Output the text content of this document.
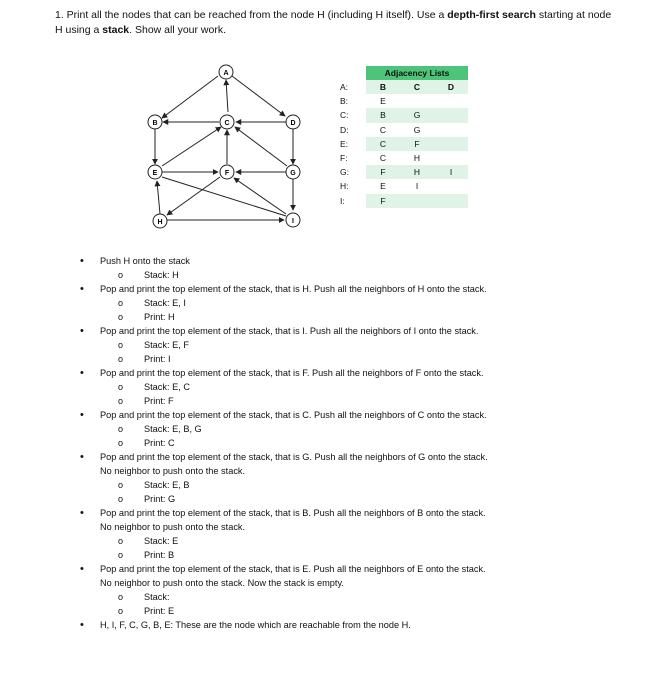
1. Print all the nodes that can be reached from the node H (including H itself). Use a depth-first search starting at node H using a stack. Show all your work.
A
B	C	D
E	F	G
H	I
	Adjacency Lists		
A:	B	C	D
B:	E		
C:	B	G	
D:	C	G	
E:	C	F	
F:	C	H	
G:	F	H	I
H:	E	I	
I:	F		
• Push H onto the stack
o Stack: H
• Pop and print the top element of the stack, that is H. Push all the neighbors of H onto the stack.
o Stack: E, I
o Print: H
• Pop and print the top element of the stack, that is I. Push all the neighbors of I onto the stack.
o Stack: E, F
o Print: I
• Pop and print the top element of the stack, that is F. Push all the neighbors of F onto the stack.
o Stack: E, C
o Print: F
• Pop and print the top element of the stack, that is C. Push all the neighbors of C onto the stack.
o Stack: E, B, G
o Print: C
• Pop and print the top element of the stack, that is G. Push all the neighbors of G onto the stack.
No neighbor to push onto the stack.
o Stack: E, B
o Print: G
• Pop and print the top element of the stack, that is B. Push all the neighbors of B onto the stack.
No neighbor to push onto the stack.
o Stack: E
o Print: B
• Pop and print the top element of the stack, that is E. Push all the neighbors of E onto the stack.
No neighbor to push onto the stack. Now the stack is empty.
o Stack:
o Print: E
• H, I, F, C, G, B, E: These are the node which are reachable from the node H.
